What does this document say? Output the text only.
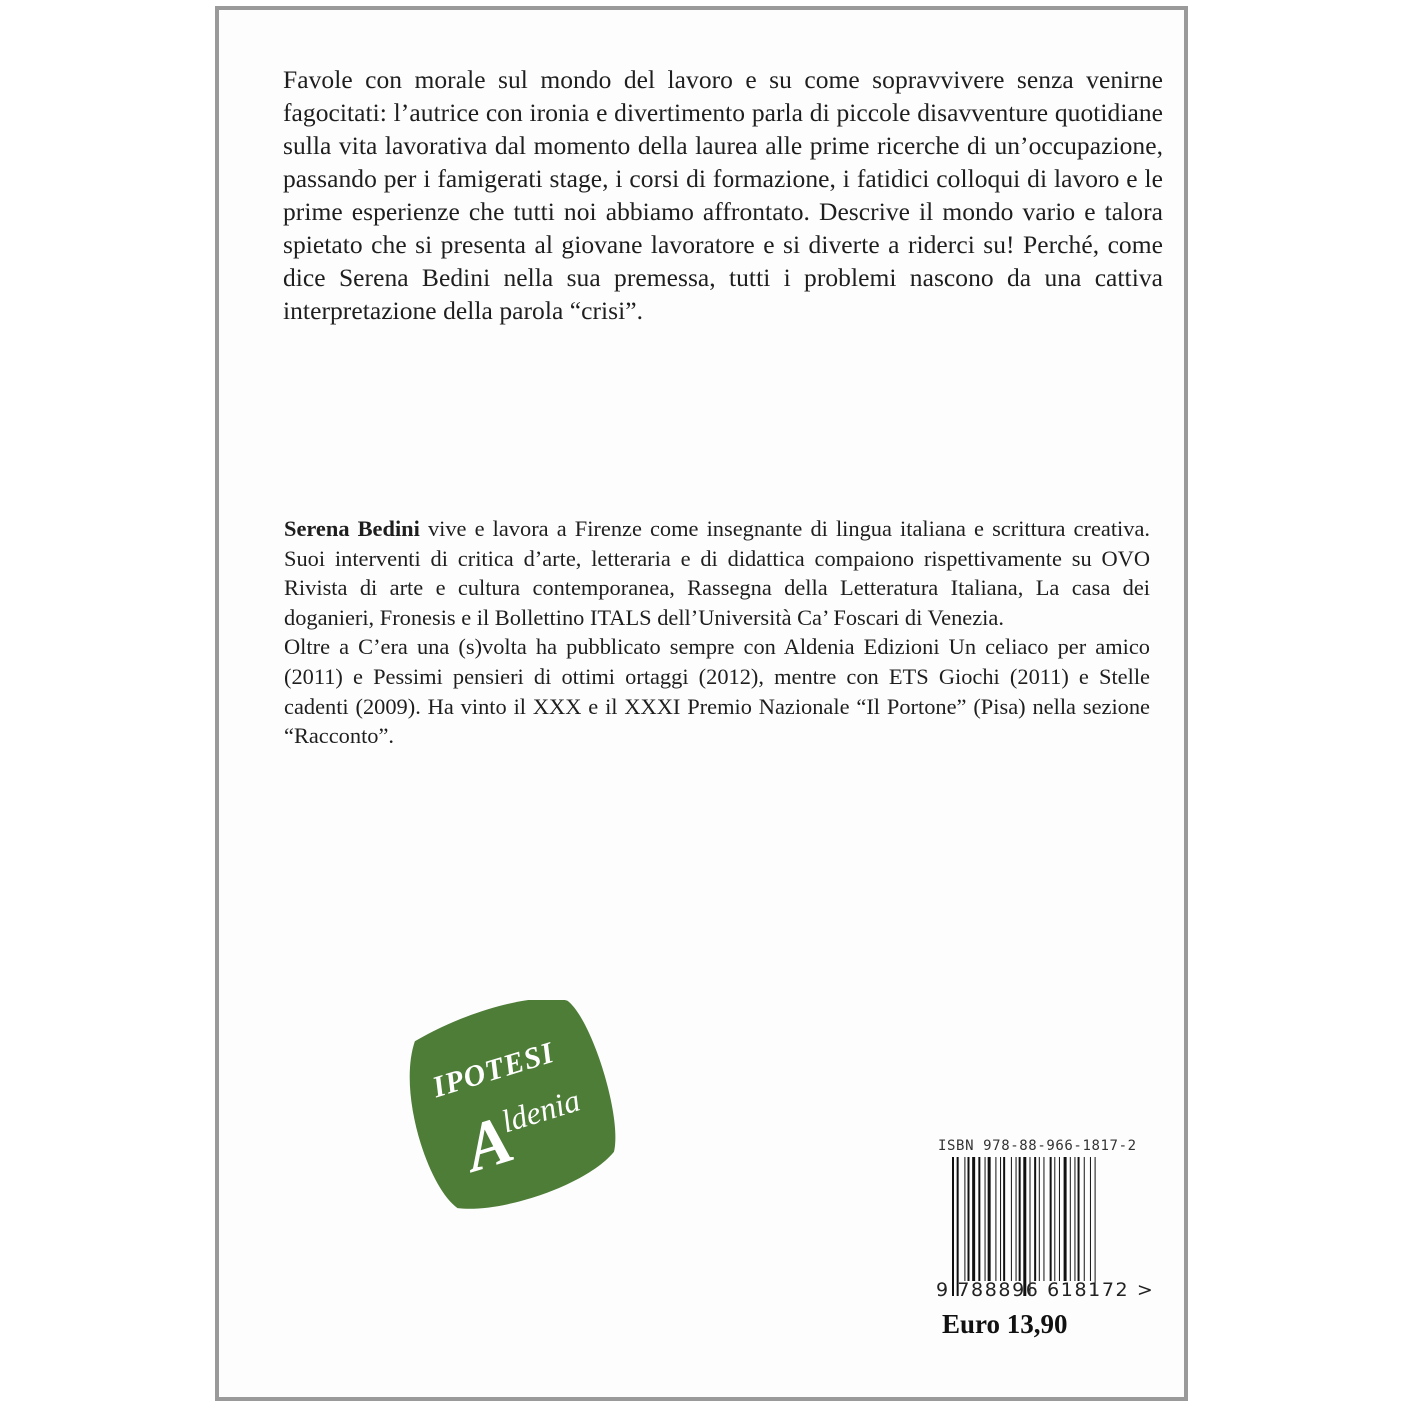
Favole con morale sul mondo del lavoro e su come sopravvivere senza venirne fagocitati: l’autrice con ironia e divertimento parla di piccole disavventure quotidiane sulla vita lavorativa dal momento della laurea alle prime ricerche di un’occupazione, passando per i famigerati stage, i corsi di formazione, i fatidici colloqui di lavoro e le prime esperienze che tutti noi abbiamo affrontato. Descrive il mondo vario e talora spietato che si presenta al giovane lavoratore e si diverte a riderci su! Perché, come dice Serena Bedini nella sua premessa, tutti i problemi nascono da una cattiva interpretazione della parola “crisi”.

Serena Bedini vive e lavora a Firenze come insegnante di lingua italiana e scrittura creativa. Suoi interventi di critica d’arte, letteraria e di didattica compaiono rispettivamente su OVO Rivista di arte e cultura contemporanea, Rassegna della Letteratura Italiana, La casa dei doganieri, Fronesis e il Bollettino ITALS dell’Università Ca’ Foscari di Venezia.
Oltre a C’era una (s)volta ha pubblicato sempre con Aldenia Edizioni Un celiaco per amico (2011) e Pessimi pensieri di ottimi ortaggi (2012), mentre con ETS Giochi (2011) e Stelle cadenti (2009). Ha vinto il XXX e il XXXI Premio Nazionale “Il Portone” (Pisa) nella sezione “Racconto”.
IPOTESI
A
ldenia
ISBN 978-88-966-1817-2
9 788896 618172 >
Euro 13,90
